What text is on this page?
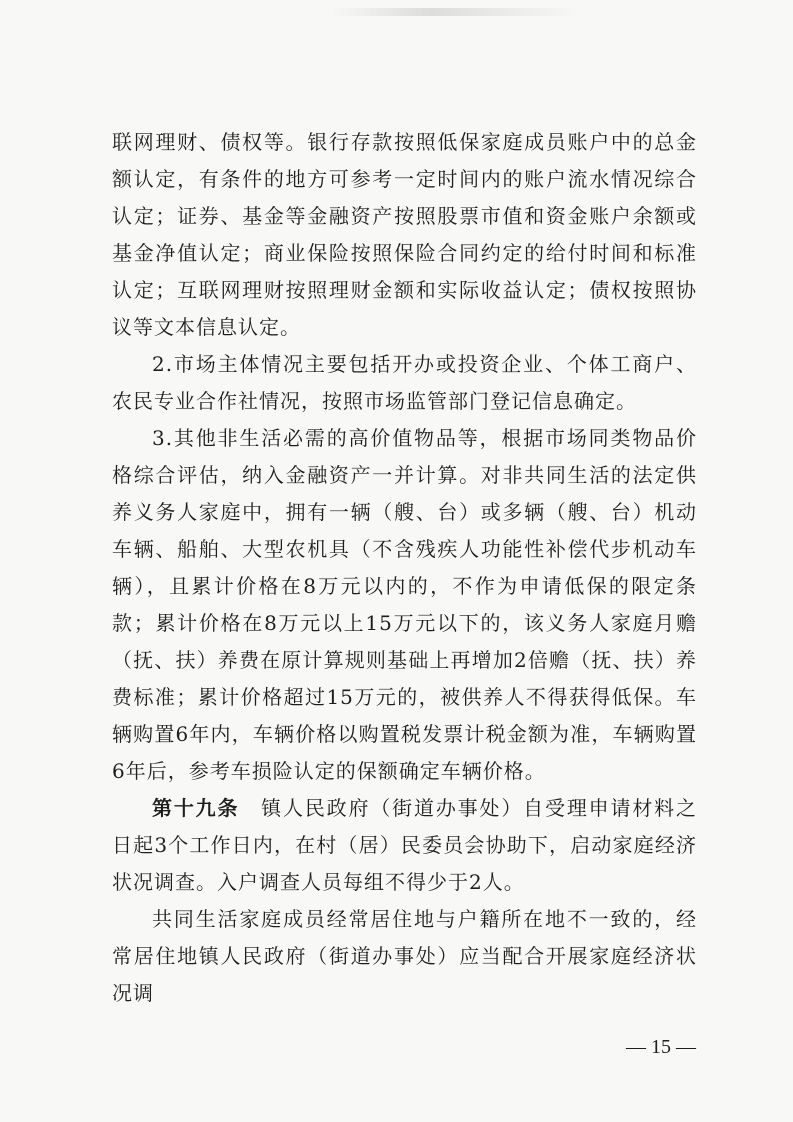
联网理财、债权等。银行存款按照低保家庭成员账户中的总金额认定，有条件的地方可参考一定时间内的账户流水情况综合认定；证券、基金等金融资产按照股票市值和资金账户余额或基金净值认定；商业保险按照保险合同约定的给付时间和标准认定；互联网理财按照理财金额和实际收益认定；债权按照协议等文本信息认定。

2.市场主体情况主要包括开办或投资企业、个体工商户、农民专业合作社情况，按照市场监管部门登记信息确定。

3.其他非生活必需的高价值物品等，根据市场同类物品价格综合评估，纳入金融资产一并计算。对非共同生活的法定供养义务人家庭中，拥有一辆（艘、台）或多辆（艘、台）机动车辆、船舶、大型农机具（不含残疾人功能性补偿代步机动车辆），且累计价格在8万元以内的，不作为申请低保的限定条款；累计价格在8万元以上15万元以下的，该义务人家庭月赡（抚、扶）养费在原计算规则基础上再增加2倍赡（抚、扶）养费标准；累计价格超过15万元的，被供养人不得获得低保。车辆购置6年内，车辆价格以购置税发票计税金额为准，车辆购置6年后，参考车损险认定的保额确定车辆价格。

第十九条　镇人民政府（街道办事处）自受理申请材料之日起3个工作日内，在村（居）民委员会协助下，启动家庭经济状况调查。入户调查人员每组不得少于2人。

共同生活家庭成员经常居住地与户籍所在地不一致的，经常居住地镇人民政府（街道办事处）应当配合开展家庭经济状况调

— 15 —
